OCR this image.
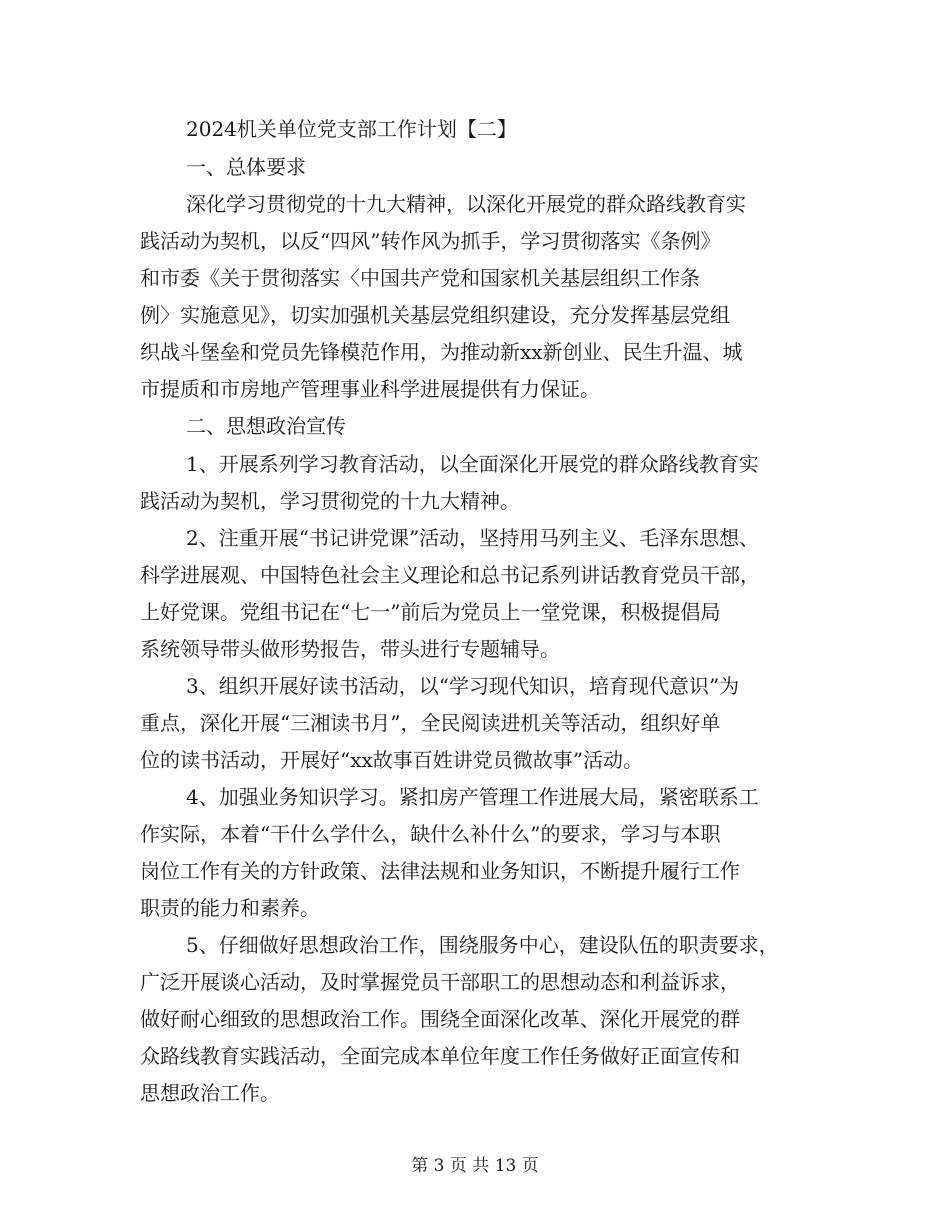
2024机关单位党支部工作计划【二】
一、总体要求
深化学习贯彻党的十九大精神，以深化开展党的群众路线教育实
践活动为契机，以反“四风”转作风为抓手，学习贯彻落实《条例》
和市委《关于贯彻落实〈中国共产党和国家机关基层组织工作条
例〉实施意见》，切实加强机关基层党组织建设，充分发挥基层党组
织战斗堡垒和党员先锋模范作用，为推动新xx新创业、民生升温、城
市提质和市房地产管理事业科学进展提供有力保证。
二、思想政治宣传
1、开展系列学习教育活动，以全面深化开展党的群众路线教育实
践活动为契机，学习贯彻党的十九大精神。
2、注重开展“书记讲党课”活动，坚持用马列主义、毛泽东思想、
科学进展观、中国特色社会主义理论和总书记系列讲话教育党员干部，
上好党课。党组书记在“七一”前后为党员上一堂党课，积极提倡局
系统领导带头做形势报告，带头进行专题辅导。
3、组织开展好读书活动，以“学习现代知识，培育现代意识”为
重点，深化开展“三湘读书月”，全民阅读进机关等活动，组织好单
位的读书活动，开展好“xx故事百姓讲党员微故事”活动。
4、加强业务知识学习。紧扣房产管理工作进展大局，紧密联系工
作实际，本着“干什么学什么，缺什么补什么”的要求，学习与本职
岗位工作有关的方针政策、法律法规和业务知识，不断提升履行工作
职责的能力和素养。
5、仔细做好思想政治工作，围绕服务中心，建设队伍的职责要求，
广泛开展谈心活动，及时掌握党员干部职工的思想动态和利益诉求，
做好耐心细致的思想政治工作。围绕全面深化改革、深化开展党的群
众路线教育实践活动，全面完成本单位年度工作任务做好正面宣传和
思想政治工作。
第 3 页 共 13 页
